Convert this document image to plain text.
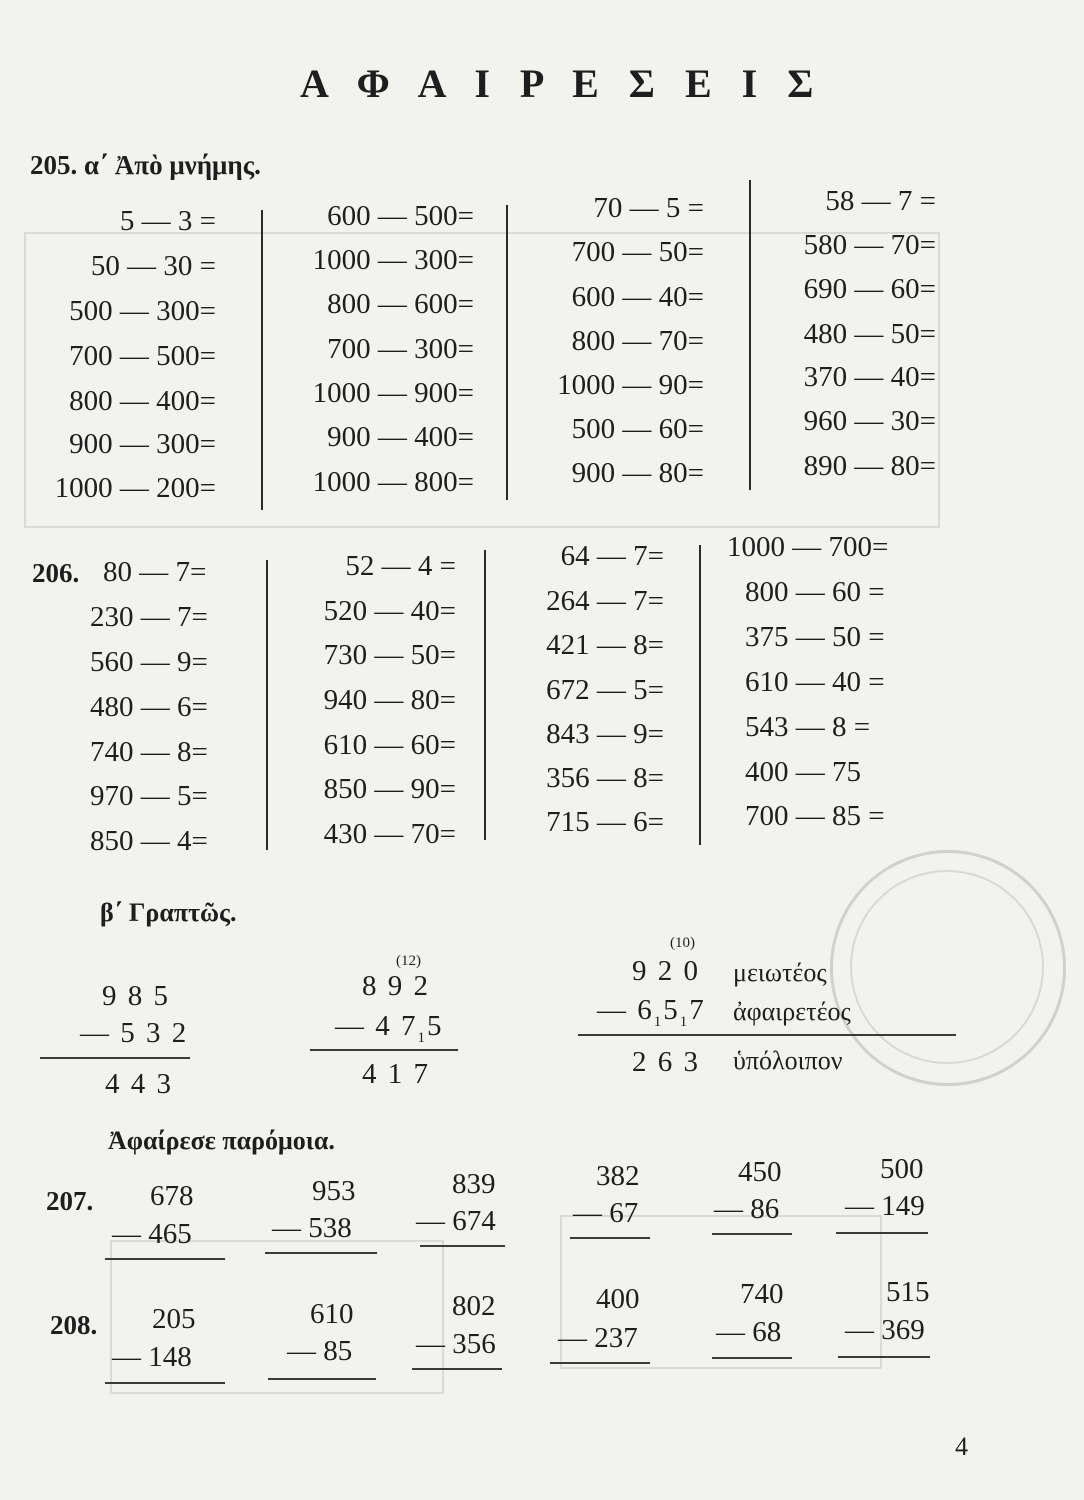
Α Φ Α Ι Ρ Ε Σ Ε Ι Σ
205. α΄ Ἀπὸ μνήμης.
5 — 3 =
50 — 30 =
500 — 300=
700 — 500=
800 — 400=
900 — 300=
1000 — 200=
600 — 500=
1000 — 300=
800 — 600=
700 — 300=
1000 — 900=
900 — 400=
1000 — 800=
70 — 5 =
700 — 50=
600 — 40=
800 — 70=
1000 — 90=
500 — 60=
900 — 80=
58 — 7 =
580 — 70=
690 — 60=
480 — 50=
370 — 40=
960 — 30=
890 — 80=
206. 80 — 7=
230 — 7=
560 — 9=
480 — 6=
740 — 8=
970 — 5=
850 — 4=
52 — 4 =
520 — 40=
730 — 50=
940 — 80=
610 — 60=
850 — 90=
430 — 70=
64 — 7=
264 — 7=
421 — 8=
672 — 5=
843 — 9=
356 — 8=
715 — 6=
1000 — 700=
800 — 60 =
375 — 50 =
610 — 40 =
543 — 8 =
400 — 75
700 — 85 =
β΄ Γραπτῶς.
9 8 5
— 5 3 2
4 4 3
(12)
8 9 2
— 4 $7_15$
4 1 7
(10)
9 2 0 μειωτέος
— $6_15_17$ ἀφαιρετέος
2 6 3 ὑπόλοιπον
Ἀφαίρεσε παρόμοια.
207. 678
— 465
953
— 538
839
— 674
382
— 67
450
— 86
500
— 149
208. 205
— 148
610
— 85
802
— 356
400
— 237
740
— 68
515
— 369
4
